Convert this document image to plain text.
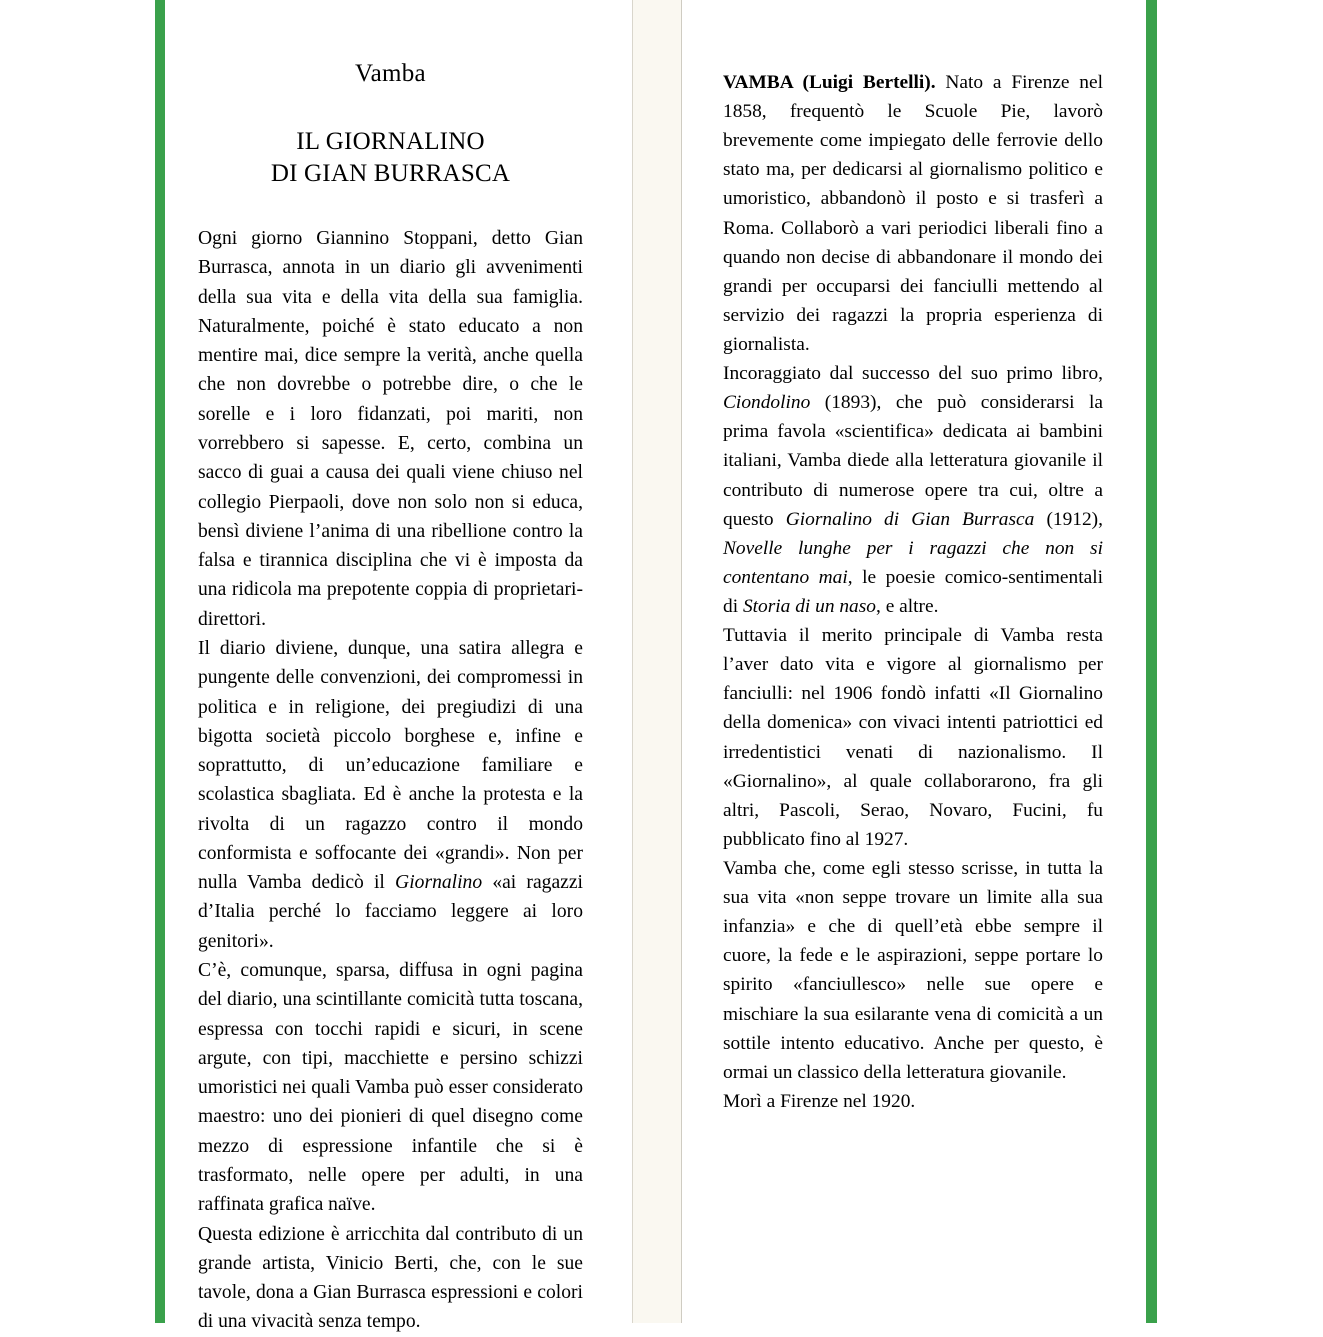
Vamba
IL GIORNALINO
DI GIAN BURRASCA

Ogni giorno Giannino Stoppani, detto Gian Burrasca, annota in un diario gli avvenimenti della sua vita e della vita della sua famiglia. Naturalmente, poiché è stato educato a non mentire mai, dice sempre la verità, anche quella che non dovrebbe o potrebbe dire, o che le sorelle e i loro fidanzati, poi mariti, non vorrebbero si sapesse. E, certo, combina un sacco di guai a causa dei quali viene chiuso nel collegio Pierpaoli, dove non solo non si educa, bensì diviene l’anima di una ribellione contro la falsa e tirannica disciplina che vi è imposta da una ridicola ma prepotente coppia di proprietari-direttori.

Il diario diviene, dunque, una satira allegra e pungente delle convenzioni, dei compromessi in politica e in religione, dei pregiudizi di una bigotta società piccolo borghese e, infine e soprattutto, di un’educazione familiare e scolastica sbagliata. Ed è anche la protesta e la rivolta di un ragazzo contro il mondo conformista e soffocante dei «grandi». Non per nulla Vamba dedicò il Giornalino «ai ragazzi d’Italia perché lo facciamo leggere ai loro genitori».

C’è, comunque, sparsa, diffusa in ogni pagina del diario, una scintillante comicità tutta toscana, espressa con tocchi rapidi e sicuri, in scene argute, con tipi, macchiette e persino schizzi umoristici nei quali Vamba può esser considerato maestro: uno dei pionieri di quel disegno come mezzo di espressione infantile che si è trasformato, nelle opere per adulti, in una raffinata grafica naïve.

Questa edizione è arricchita dal contributo di un grande artista, Vinicio Berti, che, con le sue tavole, dona a Gian Burrasca espressioni e colori di una vivacità senza tempo.

VAMBA (Luigi Bertelli). Nato a Firenze nel 1858, frequentò le Scuole Pie, lavorò brevemente come impiegato delle ferrovie dello stato ma, per dedicarsi al giornalismo politico e umoristico, abbandonò il posto e si trasferì a Roma. Collaborò a vari periodici liberali fino a quando non decise di abbandonare il mondo dei grandi per occuparsi dei fanciulli mettendo al servizio dei ragazzi la propria esperienza di giornalista.

Incoraggiato dal successo del suo primo libro, Ciondolino (1893), che può considerarsi la prima favola «scientifica» dedicata ai bambini italiani, Vamba diede alla letteratura giovanile il contributo di numerose opere tra cui, oltre a questo Giornalino di Gian Burrasca (1912), Novelle lunghe per i ragazzi che non si contentano mai, le poesie comico-sentimentali di Storia di un naso, e altre.

Tuttavia il merito principale di Vamba resta l’aver dato vita e vigore al giornalismo per fanciulli: nel 1906 fondò infatti «Il Giornalino della domenica» con vivaci intenti patriottici ed irredentistici venati di nazionalismo. Il «Giornalino», al quale collaborarono, fra gli altri, Pascoli, Serao, Novaro, Fucini, fu pubblicato fino al 1927.

Vamba che, come egli stesso scrisse, in tutta la sua vita «non seppe trovare un limite alla sua infanzia» e che di quell’età ebbe sempre il cuore, la fede e le aspirazioni, seppe portare lo spirito «fanciullesco» nelle sue opere e mischiare la sua esilarante vena di comicità a un sottile intento educativo. Anche per questo, è ormai un classico della letteratura giovanile.

Morì a Firenze nel 1920.
